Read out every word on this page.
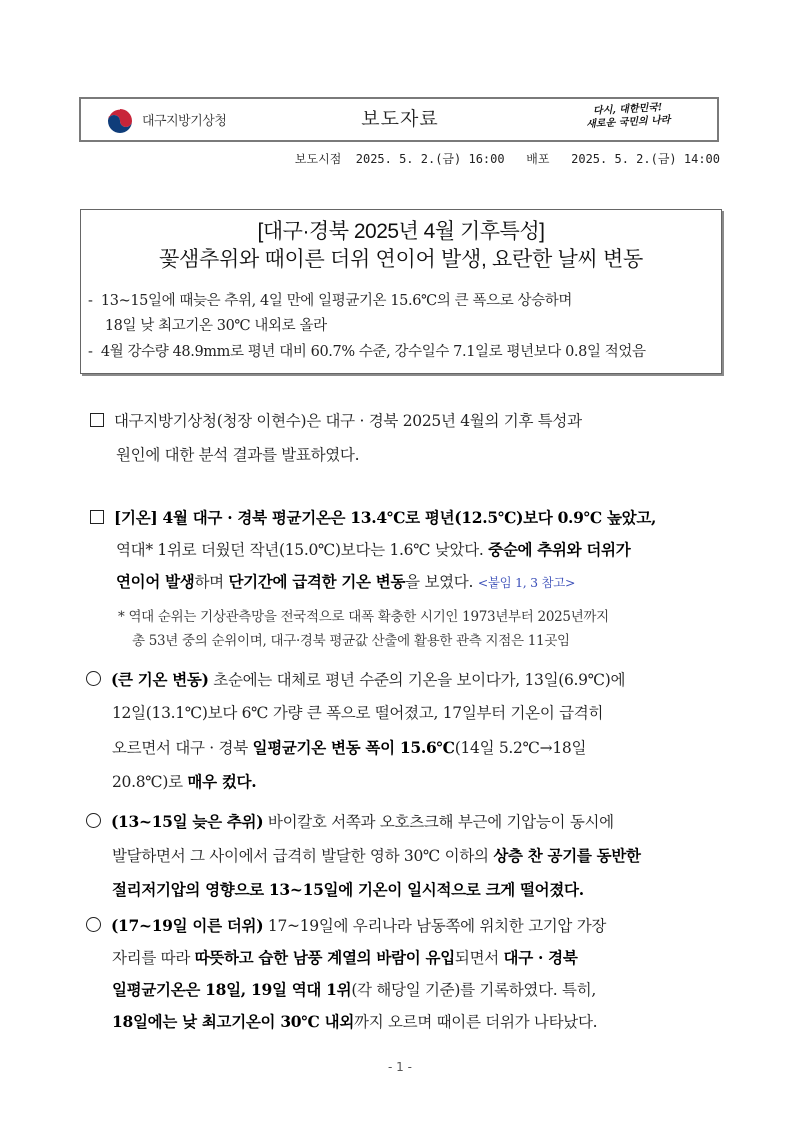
대구지방기상청	보도자료	다시, 대한민국!
새로운 국민의 나라
보도시점  2025. 5. 2.(금) 16:00   배포   2025. 5. 2.(금) 14:00
[대구·경북 2025년 4월 기후특성]
꽃샘추위와 때이른 더위 연이어 발생, 요란한 날씨 변동
-  13~15일에 때늦은 추위, 4일 만에 일평균기온 15.6℃의 큰 폭으로 상승하며
18일 낮 최고기온 30℃ 내외로 올라
-  4월 강수량 48.9mm로 평년 대비 60.7% 수준, 강수일수 7.1일로 평년보다 0.8일 적었음
대구지방기상청(청장 이현수)은 대구 · 경북 2025년 4월의 기후 특성과
원인에 대한 분석 결과를 발표하였다.
[기온] 4월 대구 · 경북 평균기온은 13.4℃로 평년(12.5℃)보다 0.9℃ 높았고,
역대* 1위로 더웠던 작년(15.0℃)보다는 1.6℃ 낮았다. 중순에 추위와 더위가
연이어 발생하며 단기간에 급격한 기온 변동을 보였다. <붙임 1, 3 참고>
* 역대 순위는 기상관측망을 전국적으로 대폭 확충한 시기인 1973년부터 2025년까지
총 53년 중의 순위이며, 대구·경북 평균값 산출에 활용한 관측 지점은 11곳임
(큰 기온 변동) 초순에는 대체로 평년 수준의 기온을 보이다가, 13일(6.9℃)에
12일(13.1℃)보다 6℃ 가량 큰 폭으로 떨어졌고, 17일부터 기온이 급격히
오르면서 대구 · 경북 일평균기온 변동 폭이 15.6℃(14일 5.2℃→18일
20.8℃)로 매우 컸다.
(13~15일 늦은 추위) 바이칼호 서쪽과 오호츠크해 부근에 기압능이 동시에
발달하면서 그 사이에서 급격히 발달한 영하 30℃ 이하의 상층 찬 공기를 동반한
절리저기압의 영향으로 13~15일에 기온이 일시적으로 크게 떨어졌다.
(17~19일 이른 더위) 17~19일에 우리나라 남동쪽에 위치한 고기압 가장
자리를 따라 따뜻하고 습한 남풍 계열의 바람이 유입되면서 대구 · 경북
일평균기온은 18일, 19일 역대 1위(각 해당일 기준)를 기록하였다. 특히,
18일에는 낮 최고기온이 30℃ 내외까지 오르며 때이른 더위가 나타났다.
- 1 -
